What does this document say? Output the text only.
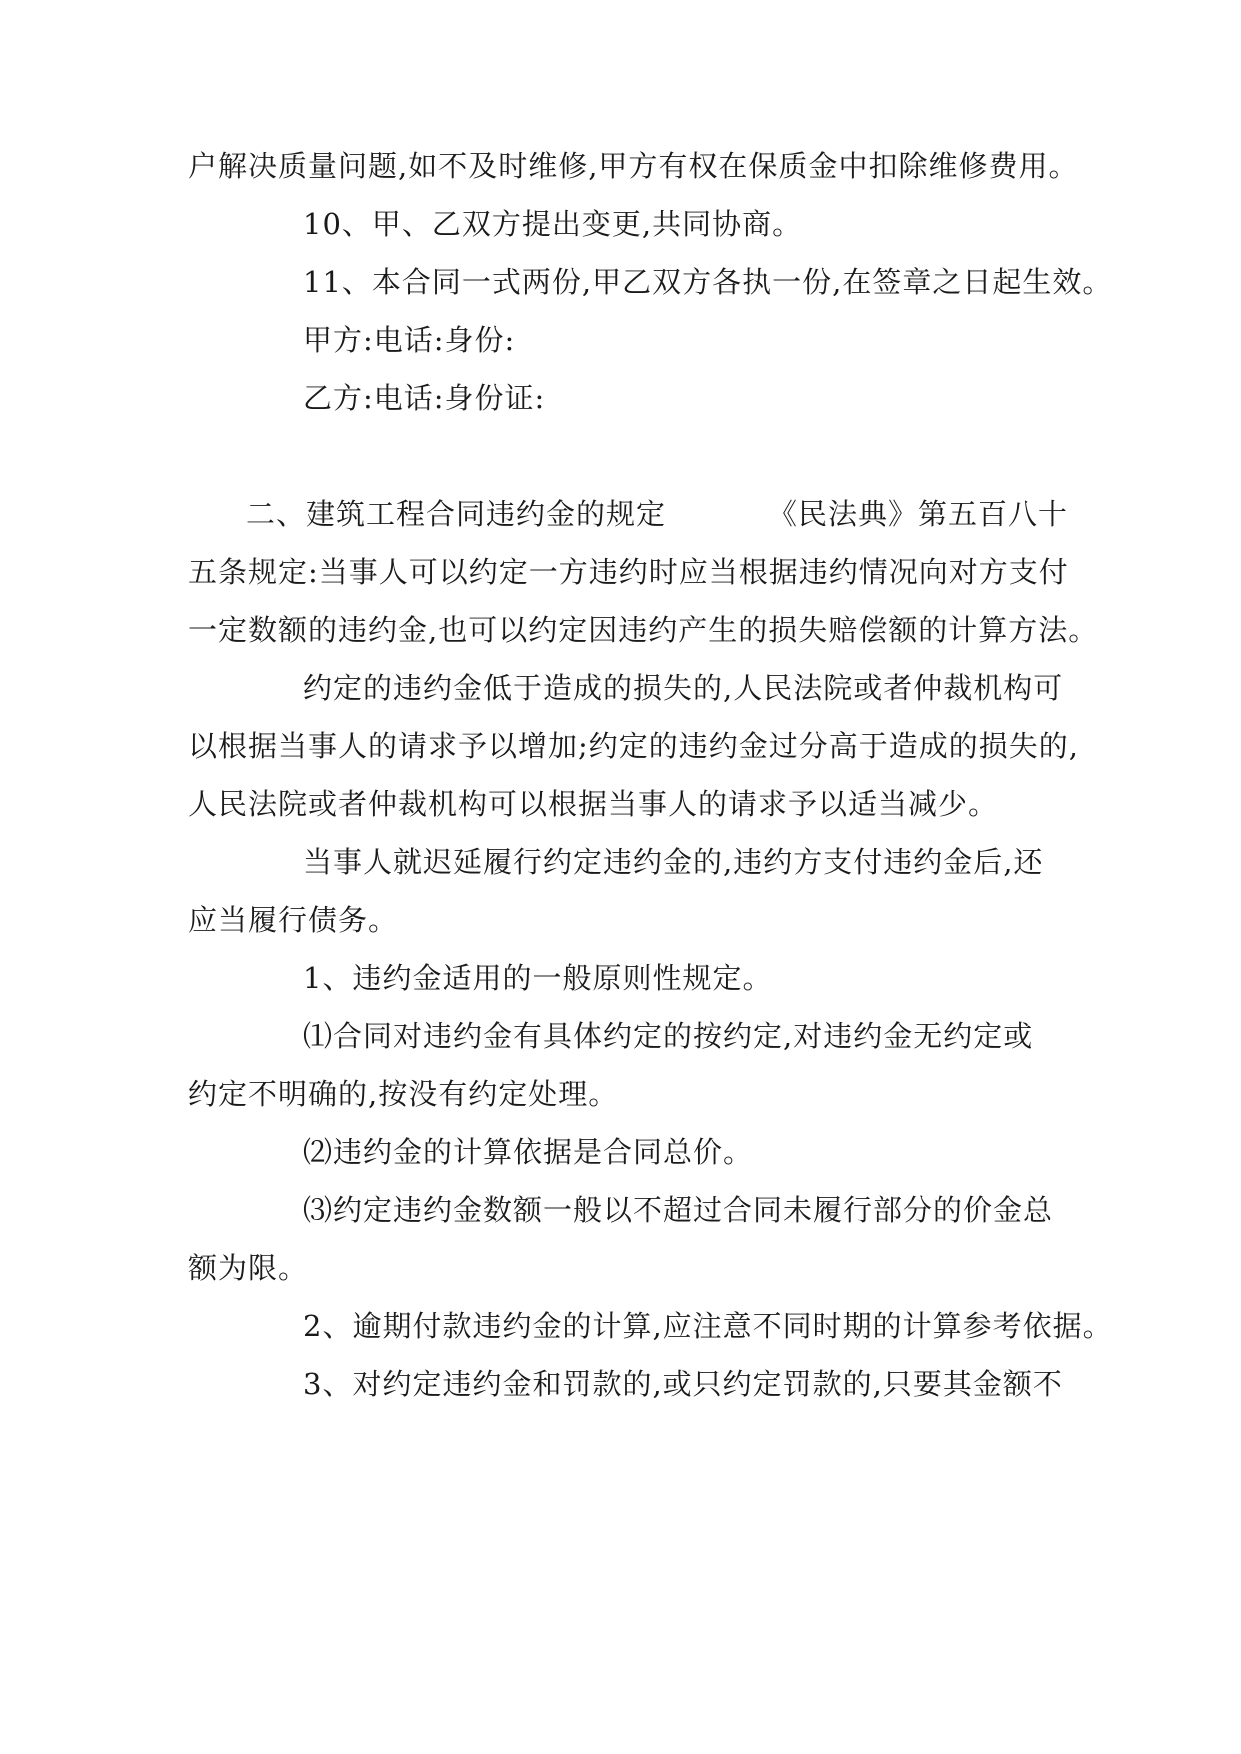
户解决质量问题,如不及时维修,甲方有权在保质金中扣除维修费用。

10、甲、乙双方提出变更,共同协商。

11、本合同一式两份,甲乙双方各执一份,在签章之日起生效。

甲方:电话:身份:

乙方:电话:身份证:

二、建筑工程合同违约金的规定	《民法典》第五百八十

五条规定:当事人可以约定一方违约时应当根据违约情况向对方支付

一定数额的违约金,也可以约定因违约产生的损失赔偿额的计算方法。

约定的违约金低于造成的损失的,人民法院或者仲裁机构可

以根据当事人的请求予以增加;约定的违约金过分高于造成的损失的,

人民法院或者仲裁机构可以根据当事人的请求予以适当减少。

当事人就迟延履行约定违约金的,违约方支付违约金后,还

应当履行债务。

1、违约金适用的一般原则性规定。

⑴合同对违约金有具体约定的按约定,对违约金无约定或

约定不明确的,按没有约定处理。

⑵违约金的计算依据是合同总价。

⑶约定违约金数额一般以不超过合同未履行部分的价金总

额为限。

2、逾期付款违约金的计算,应注意不同时期的计算参考依据。

3、对约定违约金和罚款的,或只约定罚款的,只要其金额不
